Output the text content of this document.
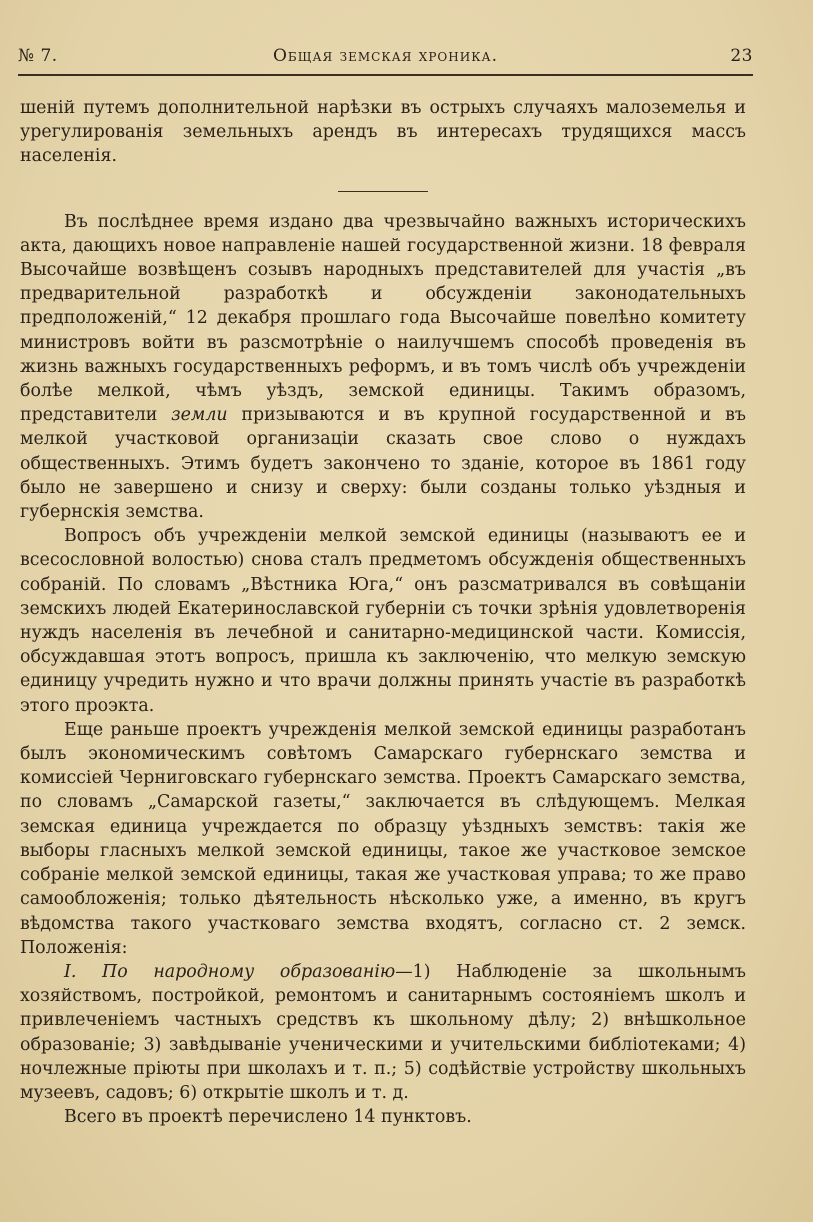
№ 7.	Общая земская хроника.	23

шеній путемъ дополнительной нарѣзки въ острыхъ случаяхъ малоземелья и урегулированія земельныхъ арендъ въ интересахъ трудящихся массъ населенія.

Въ послѣднее время издано два чрезвычайно важныхъ историческихъ акта, дающихъ новое направленіе нашей государственной жизни. 18 февраля Высочайше возвѣщенъ созывъ народныхъ представителей для участія „въ предварительной разработкѣ и обсужденіи законодательныхъ предположеній,“ 12 декабря прошлаго года Высочайше повелѣно комитету министровъ войти въ разсмотрѣніе о наилучшемъ способѣ проведенія въ жизнь важныхъ государственныхъ реформъ, и въ томъ числѣ объ учрежденіи болѣе мелкой, чѣмъ уѣздъ, земской единицы. Такимъ образомъ, представители земли призываются и въ крупной государственной и въ мелкой участковой организаціи сказать свое слово о нуждахъ общественныхъ. Этимъ будетъ закончено то зданіе, которое въ 1861 году было не завершено и снизу и сверху: были созданы только уѣздныя и губернскія земства.

Вопросъ объ учрежденіи мелкой земской единицы (называютъ ее и всесословной волостью) снова сталъ предметомъ обсужденія общественныхъ собраній. По словамъ „Вѣстника Юга,“ онъ разсматривался въ совѣщаніи земскихъ людей Екатеринославской губерніи съ точки зрѣнія удовлетворенія нуждъ населенія въ лечебной и санитарно-медицинской части. Комиссія, обсуждавшая этотъ вопросъ, пришла къ заключенію, что мелкую земскую единицу учредить нужно и что врачи должны принять участіе въ разработкѣ этого проэкта.

Еще раньше проектъ учрежденія мелкой земской единицы разработанъ былъ экономическимъ совѣтомъ Самарскаго губернскаго земства и комиссіей Черниговскаго губернскаго земства. Проектъ Самарскаго земства, по словамъ „Самарской газеты,“ заключается въ слѣдующемъ. Мелкая земская единица учреждается по образцу уѣздныхъ земствъ: такія же выборы гласныхъ мелкой земской единицы, такое же участковое земское собраніе мелкой земской единицы, такая же участковая управа; то же право самообложенія; только дѣятельность нѣсколько уже, а именно, въ кругъ вѣдомства такого участковаго земства входятъ, согласно ст. 2 земск. Положенія:

I. По народному образованію—1) Наблюденіе за школьнымъ хозяйствомъ, постройкой, ремонтомъ и санитарнымъ состояніемъ школъ и привлеченіемъ частныхъ средствъ къ школьному дѣлу; 2) внѣшкольное образованіе; 3) завѣдываніе ученическими и учительскими библіотеками; 4) ночлежные пріюты при школахъ и т. п.; 5) содѣйствіе устройству школьныхъ музеевъ, садовъ; 6) открытіе школъ и т. д.

Всего въ проектѣ перечислено 14 пунктовъ.
